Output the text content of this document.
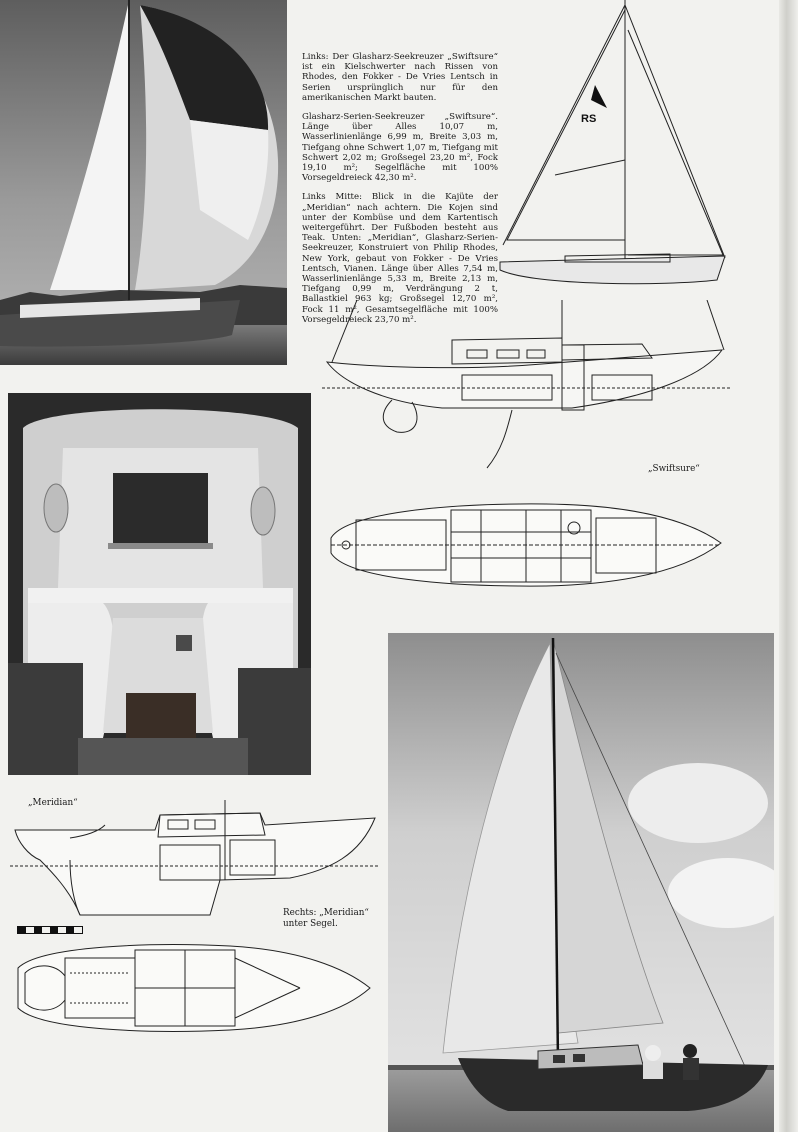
Links: Der Glasharz-Seekreuzer „Swiftsure“ ist ein Kielschwerter nach Rissen von Rhodes, den Fokker - De Vries Lentsch in Serien ursprünglich nur für den amerikanischen Markt bauten.

Glasharz-Serien-Seekreuzer „Swiftsure“. Länge über Alles 10,07 m, Wasserlinienlänge 6,99 m, Breite 3,03 m, Tiefgang ohne Schwert 1,07 m, Tiefgang mit Schwert 2,02 m; Großsegel 23,20 m², Fock 19,10 m²; Segelfläche mit 100% Vorsegeldreieck 42,30 m².

Links Mitte: Blick in die Kajüte der „Meridian“ nach achtern. Die Kojen sind unter der Kombüse und dem Kartentisch weitergeführt. Der Fußboden besteht aus Teak. Unten: „Meridian“, Glasharz-Serien-Seekreuzer, Konstruiert von Philip Rhodes, New York, gebaut von Fokker - De Vries Lentsch, Vianen. Länge über Alles 7,54 m, Wasserlinienlänge 5,33 m, Breite 2,13 m, Tiefgang 0,99 m, Verdrängung 2 t, Ballastkiel 963 kg; Großsegel 12,70 m², Fock 11 m², Gesamtsegelfläche mit 100% Vorsegeldreieck 23,70 m².

RS
„Swiftsure“
„Meridian“
Rechts: „Meridian“
unter Segel.
